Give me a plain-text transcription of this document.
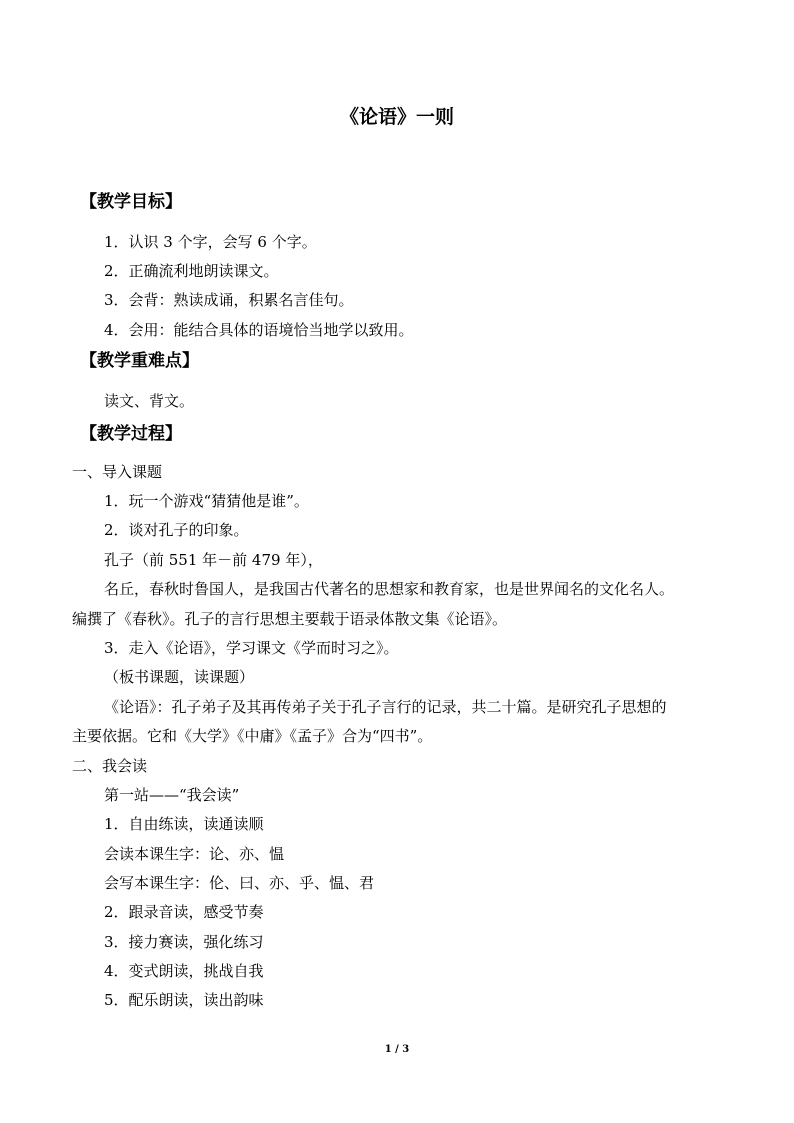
《论语》一则
【教学目标】
1．认识 3 个字，会写 6 个字。
2．正确流利地朗读课文。
3．会背：熟读成诵，积累名言佳句。
4．会用：能结合具体的语境恰当地学以致用。
【教学重难点】
读文、背文。
【教学过程】
一、导入课题
1．玩一个游戏“猜猜他是谁”。
2．谈对孔子的印象。
孔子（前 551 年－前 479 年），
名丘，春秋时鲁国人，是我国古代著名的思想家和教育家，也是世界闻名的文化名人。
编撰了《春秋》。孔子的言行思想主要载于语录体散文集《论语》。
3．走入《论语》，学习课文《学而时习之》。
（板书课题，读课题）
《论语》：孔子弟子及其再传弟子关于孔子言行的记录，共二十篇。是研究孔子思想的
主要依据。它和《大学》《中庸》《孟子》合为“四书”。
二、我会读
第一站——“我会读”
1．自由练读，读通读顺
会读本课生字：论、亦、愠
会写本课生字：伦、曰、亦、乎、愠、君
2．跟录音读，感受节奏
3．接力赛读，强化练习
4．变式朗读，挑战自我
5．配乐朗读，读出韵味
1 / 3
